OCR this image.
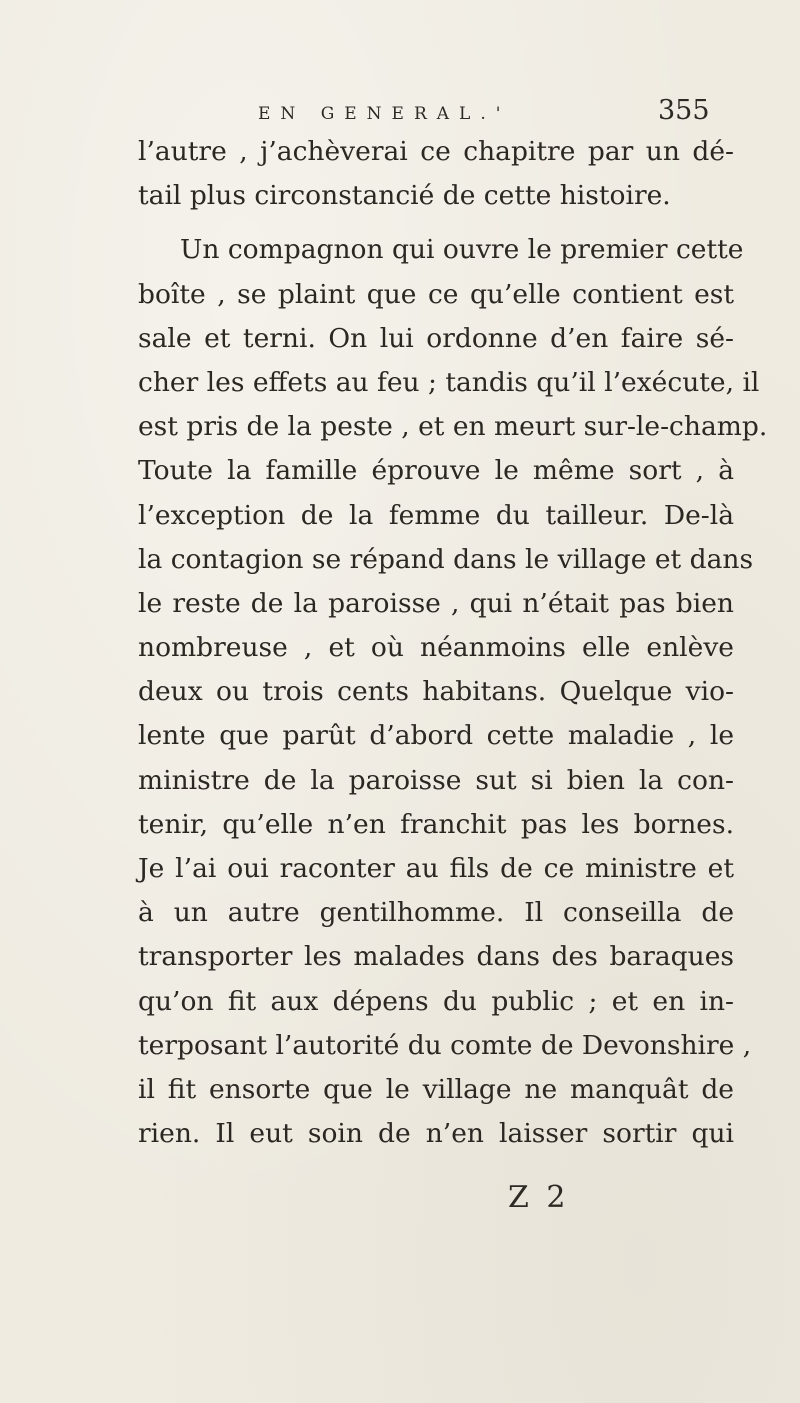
EN GENERAL.'	355
l’autre , j’achèverai ce chapitre par un dé-
tail plus circonstancié de cette histoire.
Un compagnon qui ouvre le premier cette
boîte , se plaint que ce qu’elle contient est
sale et terni. On lui ordonne d’en faire sé-
cher les effets au feu ; tandis qu’il l’exécute, il
est pris de la peste , et en meurt sur-le-champ.
Toute la famille éprouve le même sort , à
l’exception de la femme du tailleur. De-là
la contagion se répand dans le village et dans
le reste de la paroisse , qui n’était pas bien
nombreuse , et où néanmoins elle enlève
deux ou trois cents habitans. Quelque vio-
lente que parût d’abord cette maladie , le
ministre de la paroisse sut si bien la con-
tenir, qu’elle n’en franchit pas les bornes.
Je l’ai oui raconter au fils de ce ministre et
à un autre gentilhomme. Il conseilla de
transporter les malades dans des baraques
qu’on fit aux dépens du public ; et en in-
terposant l’autorité du comte de Devonshire ,
il fit ensorte que le village ne manquât de
rien. Il eut soin de n’en laisser sortir qui
Z 2
